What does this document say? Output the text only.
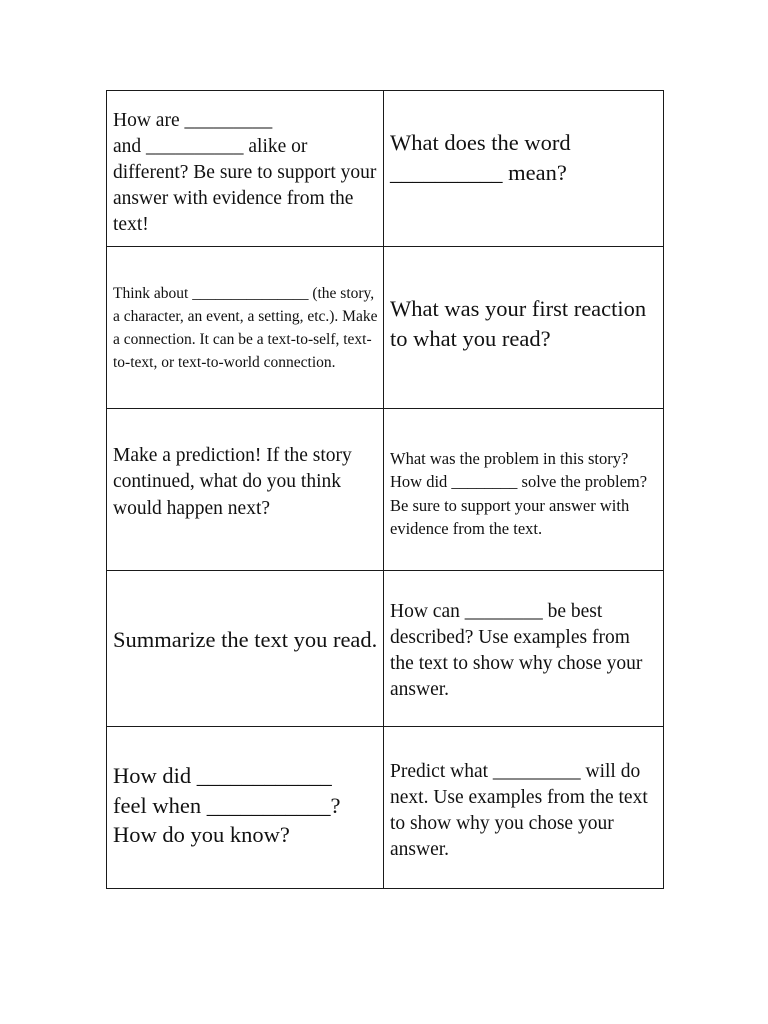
How are _________
and __________ alike or different? Be sure to support your answer with evidence from the text!	What does the word __________ mean?

Think about _______________ (the story, a character, an event, a setting, etc.). Make a connection. It can be a text-to-self, text-to-text, or text-to-world connection.	What was your first reaction to what you read?

Make a prediction! If the story continued, what do you think would happen next?	What was the problem in this story? How did ________ solve the problem? Be sure to support your answer with evidence from the text.

Summarize the text you read.	How can ________ be best described? Use examples from the text to show why chose your answer.

How did ____________
feel when ___________? How do you know?	Predict what _________ will do next. Use examples from the text to show why you chose your answer.
